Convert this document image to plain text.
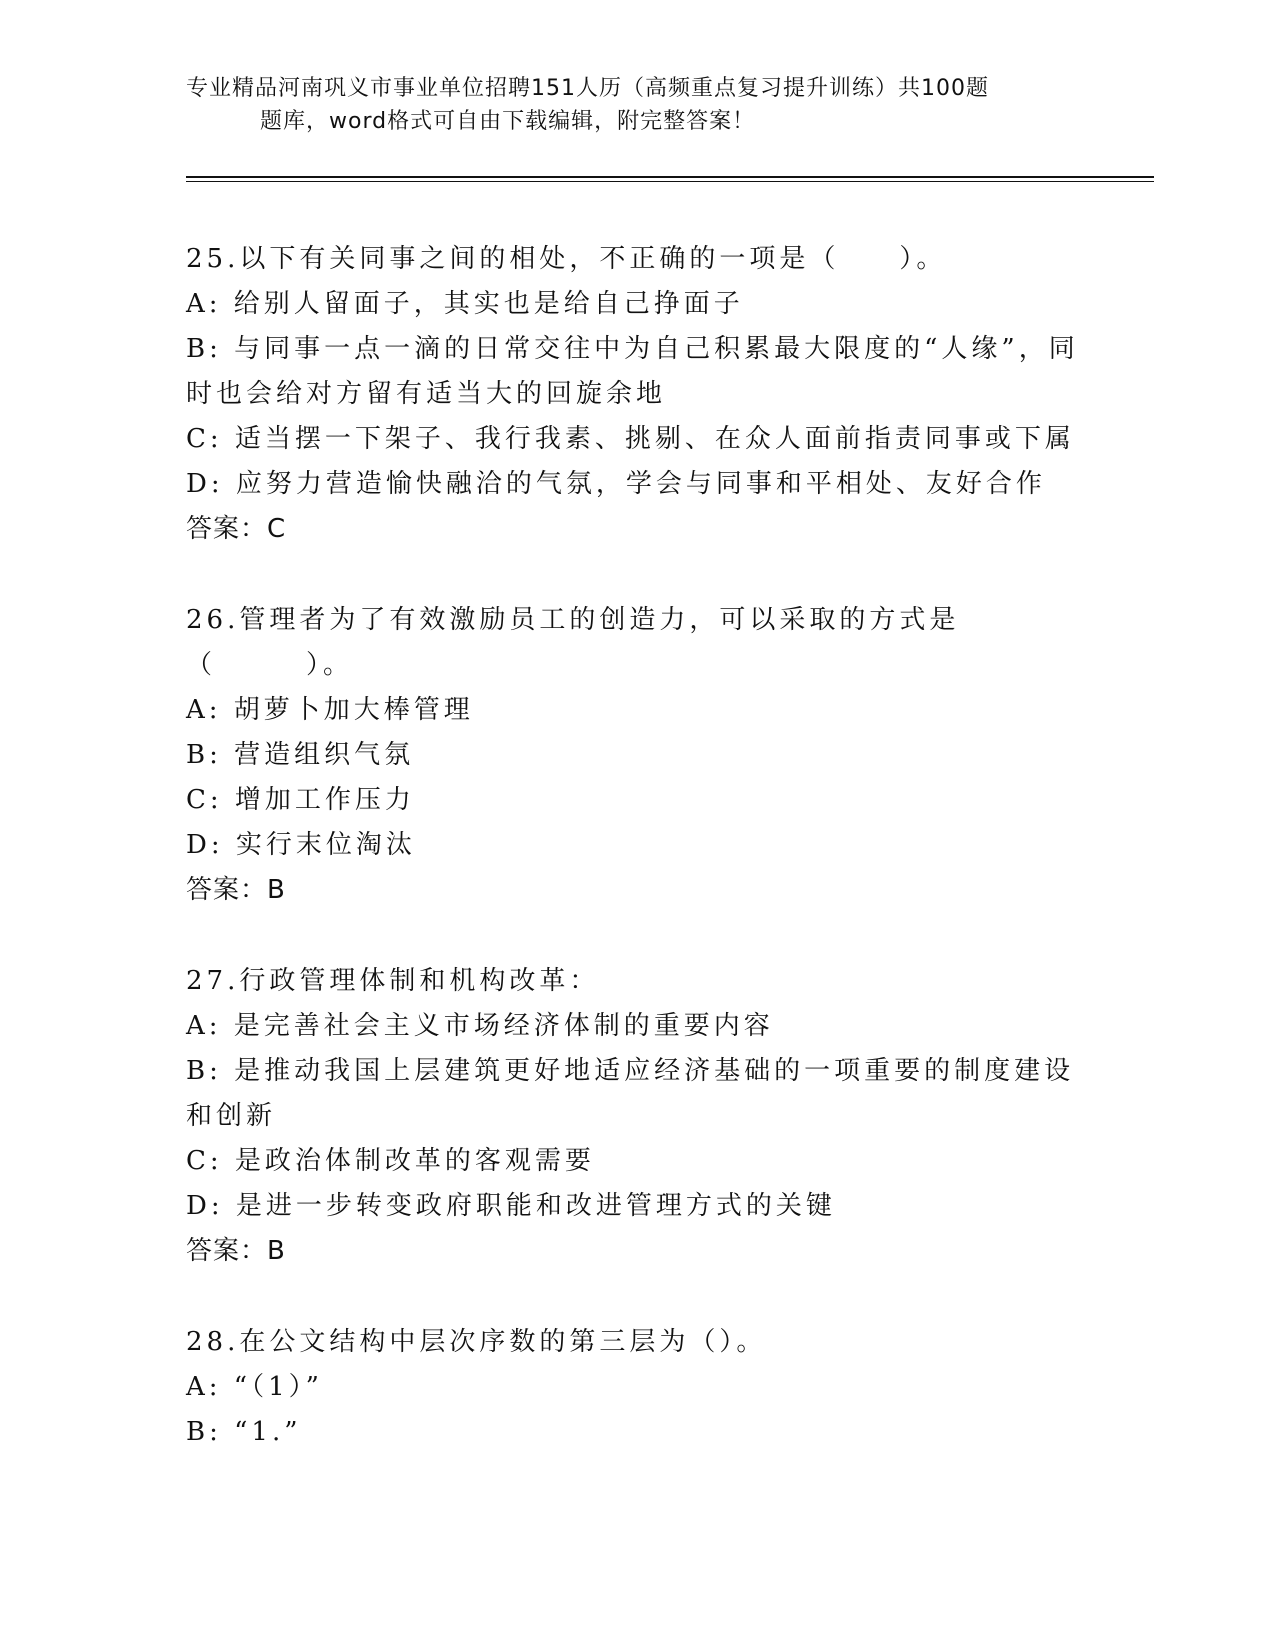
专业精品河南巩义市事业单位招聘151人历（高频重点复习提升训练）共100题
题库，word格式可自由下载编辑，附完整答案！
25.以下有关同事之间的相处，不正确的一项是（　　）。
A: 给别人留面子，其实也是给自己挣面子
B: 与同事一点一滴的日常交往中为自己积累最大限度的“人缘”，同时也会给对方留有适当大的回旋余地
C: 适当摆一下架子、我行我素、挑剔、在众人面前指责同事或下属
D: 应努力营造愉快融洽的气氛，学会与同事和平相处、友好合作
答案：C
26.管理者为了有效激励员工的创造力，可以采取的方式是（　　　）。
A: 胡萝卜加大棒管理
B: 营造组织气氛
C: 增加工作压力
D: 实行末位淘汰
答案：B
27.行政管理体制和机构改革：
A: 是完善社会主义市场经济体制的重要内容
B: 是推动我国上层建筑更好地适应经济基础的一项重要的制度建设和创新
C: 是政治体制改革的客观需要
D: 是进一步转变政府职能和改进管理方式的关键
答案：B
28.在公文结构中层次序数的第三层为（）。
A: “（1）”
B: “1.”
